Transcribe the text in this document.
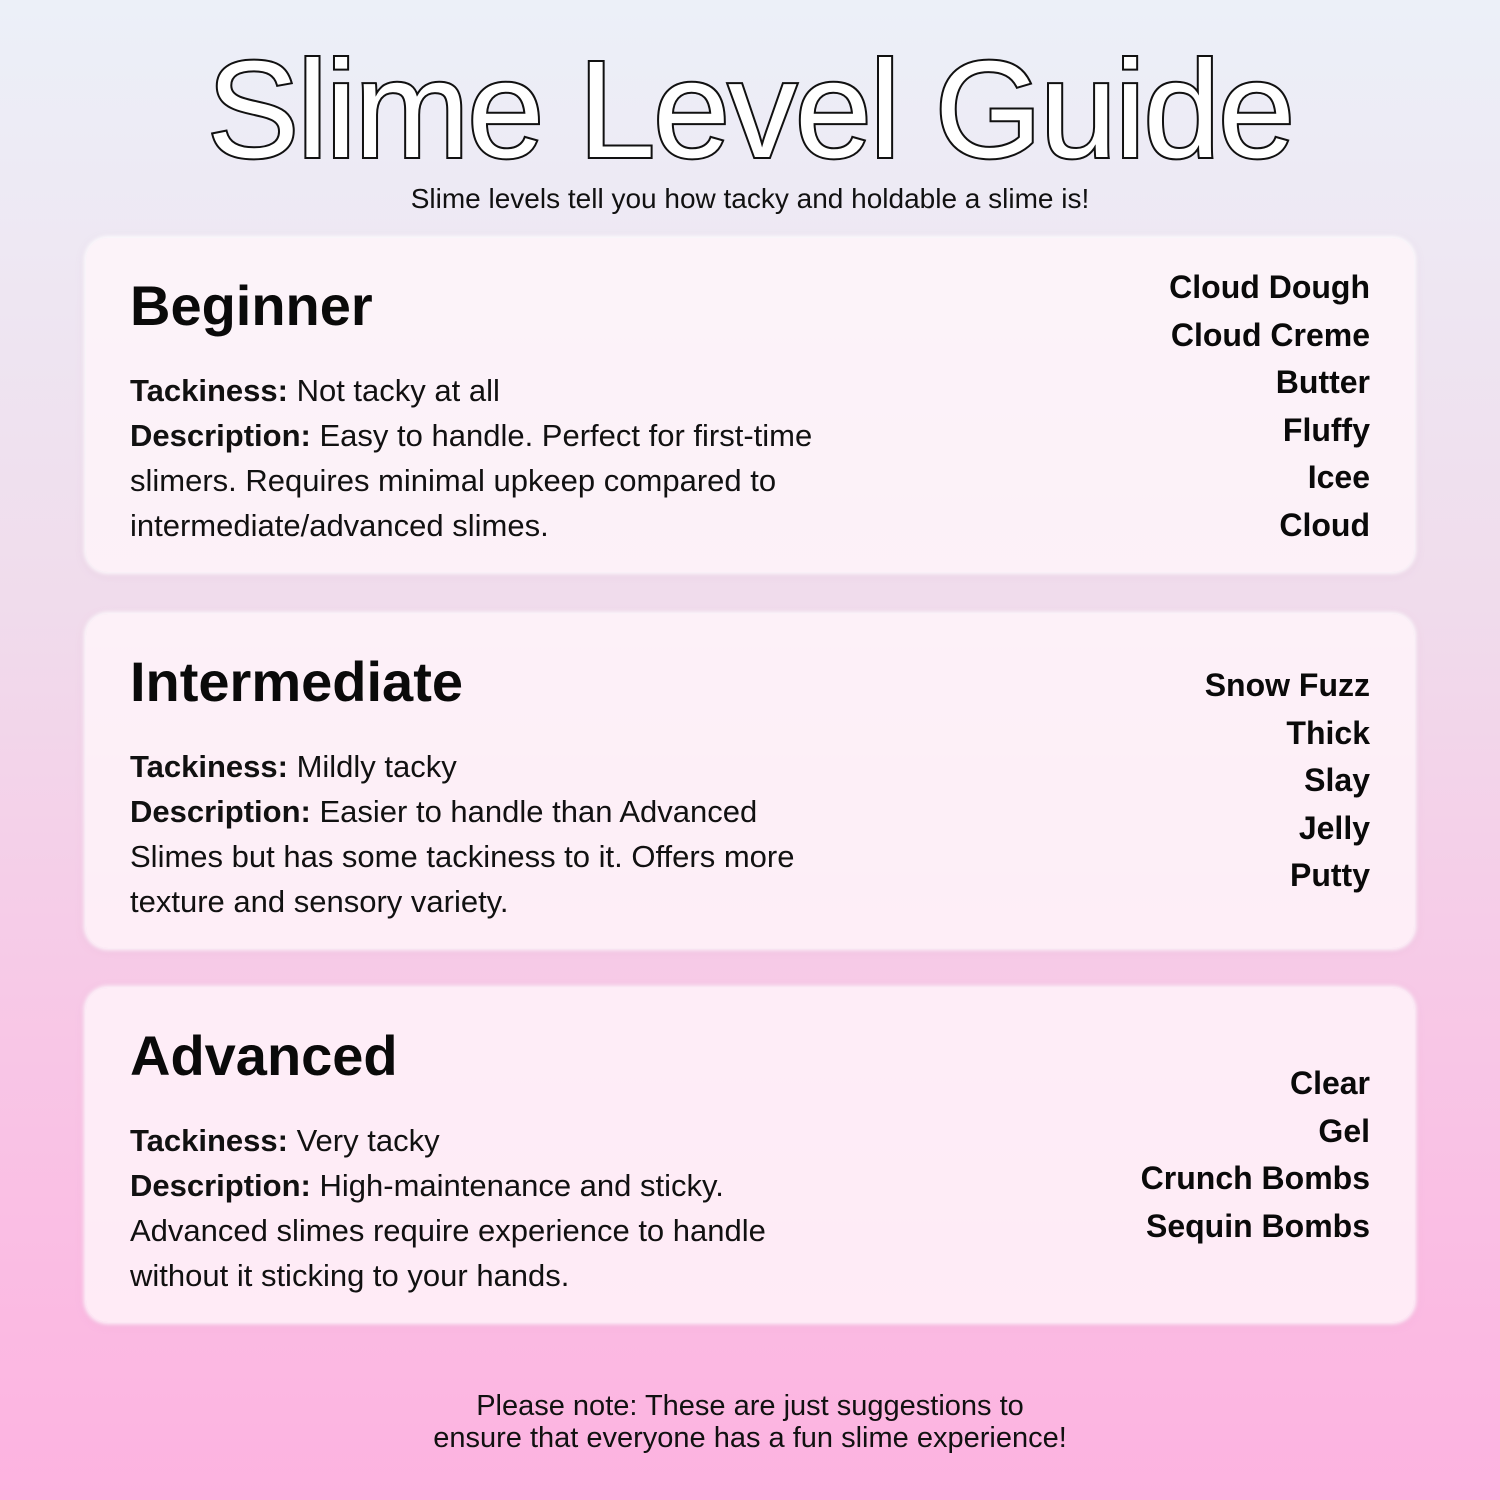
Slime Level Guide

Slime levels tell you how tacky and holdable a slime is!

Beginner

Tackiness: Not tacky at all
Description: Easy to handle. Perfect for first-time slimers. Requires minimal upkeep compared to intermediate/advanced slimes.

Cloud Dough
Cloud Creme
Butter
Fluffy
Icee
Cloud
Intermediate

Tackiness: Mildly tacky
Description: Easier to handle than Advanced Slimes but has some tackiness to it. Offers more texture and sensory variety.

Snow Fuzz
Thick
Slay
Jelly
Putty
Advanced

Tackiness: Very tacky
Description: High-maintenance and sticky. Advanced slimes require experience to handle without it sticking to your hands.

Clear
Gel
Crunch Bombs
Sequin Bombs

Please note: These are just suggestions to
ensure that everyone has a fun slime experience!
